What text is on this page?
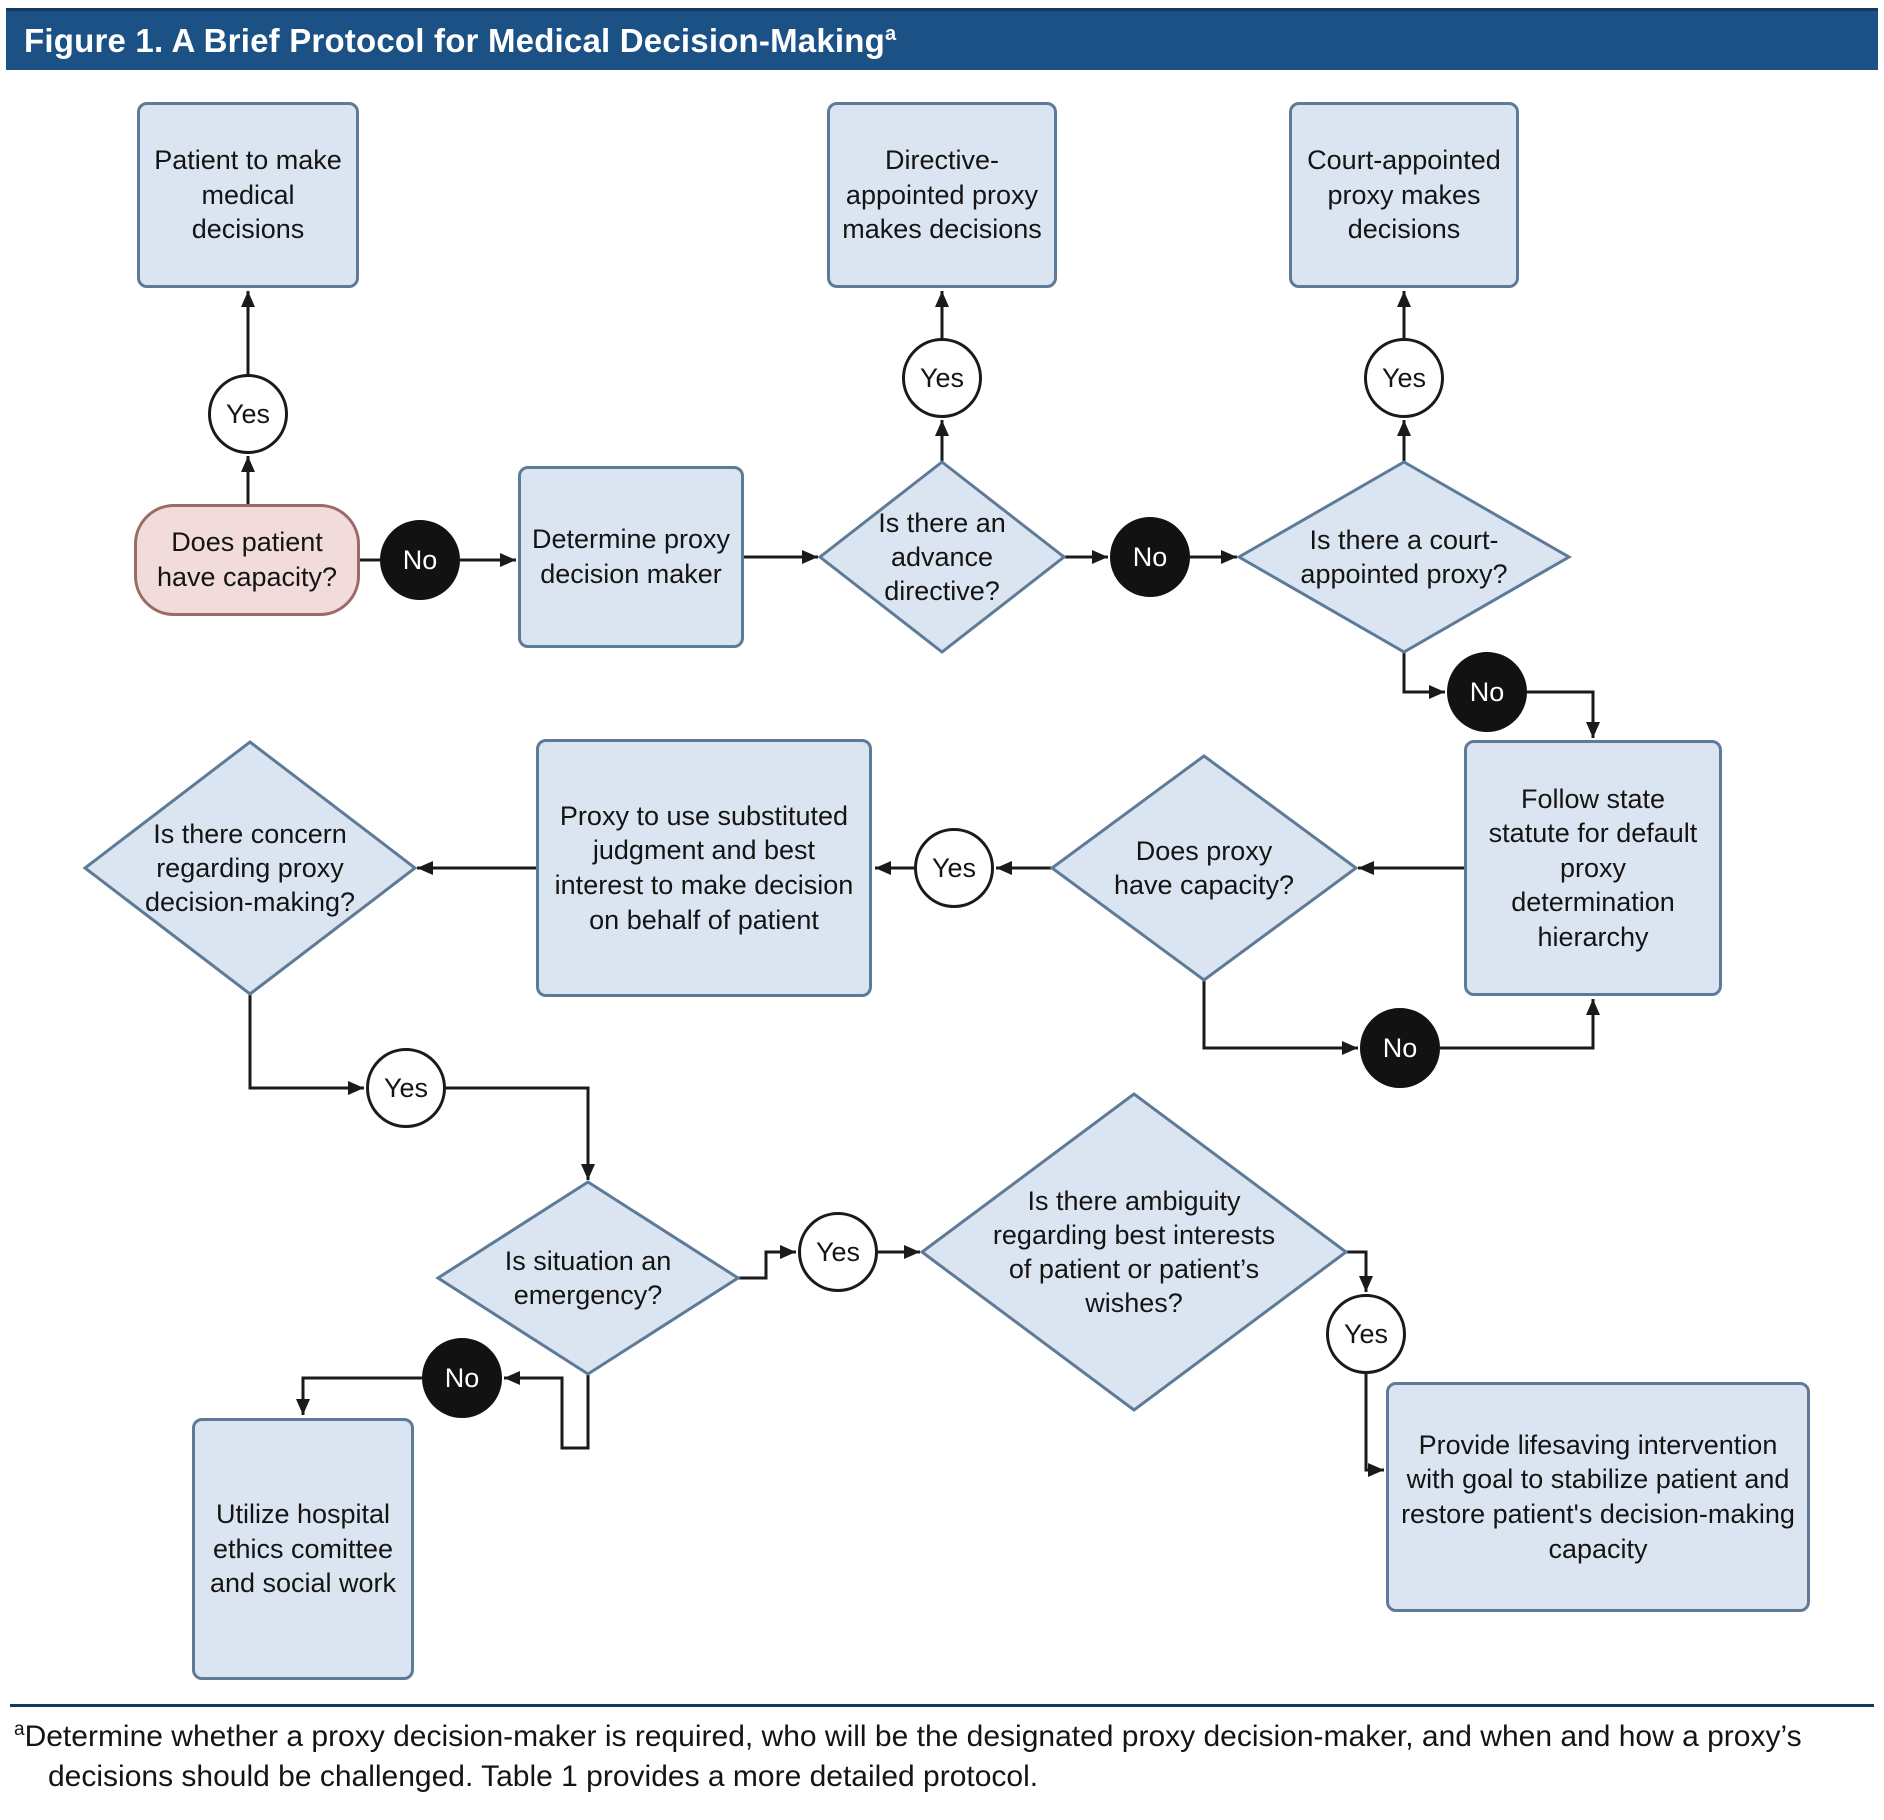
Figure 1. A Brief Protocol for Medical Decision-Making$^a$
Patient to make medical decisions
Directive-appointed proxy makes decisions
Court-appointed proxy makes decisions
Does patient have capacity?
Determine proxy decision maker
Follow state statute for default proxy determination hierarchy
Proxy to use substituted judgment and best interest to make decision on behalf of patient
Provide lifesaving intervention with goal to stabilize patient and restore patient's decision-making capacity
Utilize hospital ethics comittee and social work
Is there an advance directive?
Is there a court-appointed proxy?
Is there concern regarding proxy decision-making?
Does proxy have capacity?
Is situation an emergency?
Is there ambiguity regarding best interests of patient or patient’s wishes?
Yes
Yes	Yes
Yes
Yes
Yes
Yes
No	No
No
No
No
$^a$Determine whether a proxy decision-maker is required, who will be the designated proxy decision-maker, and when and how a proxy’s decisions should be challenged. Table 1 provides a more detailed protocol.
